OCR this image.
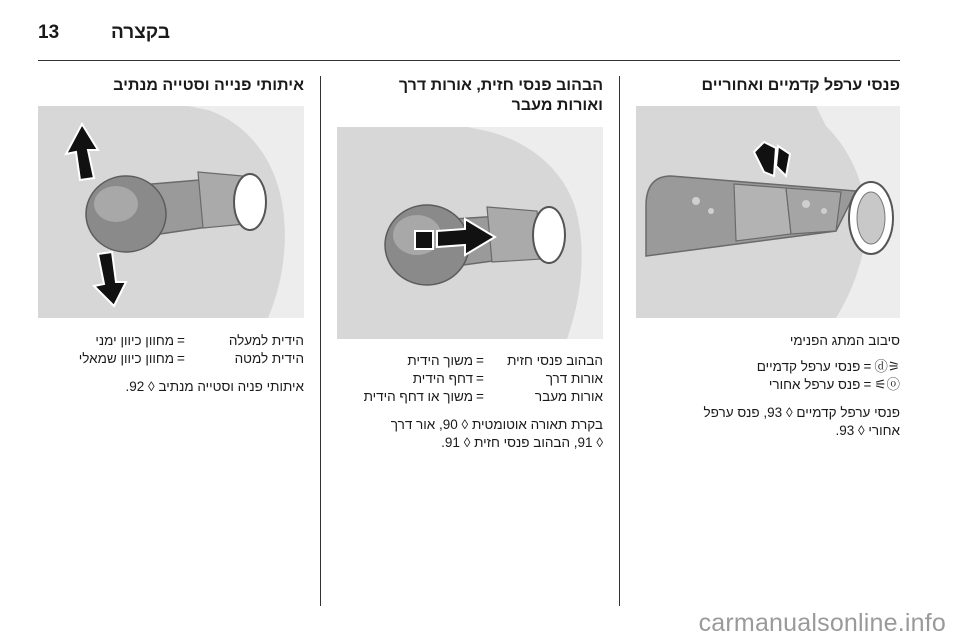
13	בקצרה
פנסי ערפל קדמיים ואחוריים
סיבוב המתג הפנימי
⚞ⓓ
=
פנסי ערפל קדמיים
ⓞ⚟
=
פנס ערפל אחורי
פנסי ערפל קדמיים ◊ 93, פנס ערפל
אחורי ◊ 93.
הבהוב פנסי חזית, אורות דרך
ואורות מעבר
הבהוב פנסי חזית
=
משוך הידית
אורות דרך
=
דחף הידית
אורות מעבר
=
משוך או דחף הידית
בקרת תאורה אוטומטית ◊ 90, אור דרך
◊ 91, הבהוב פנסי חזית ◊ 91.
איתותי פנייה וסטייה מנתיב
הידית למעלה
=
מחוון כיוון ימני
הידית למטה
=
מחוון כיוון שמאלי
איתותי פניה וסטייה מנתיב ◊ 92.
carmanualsonline.info
